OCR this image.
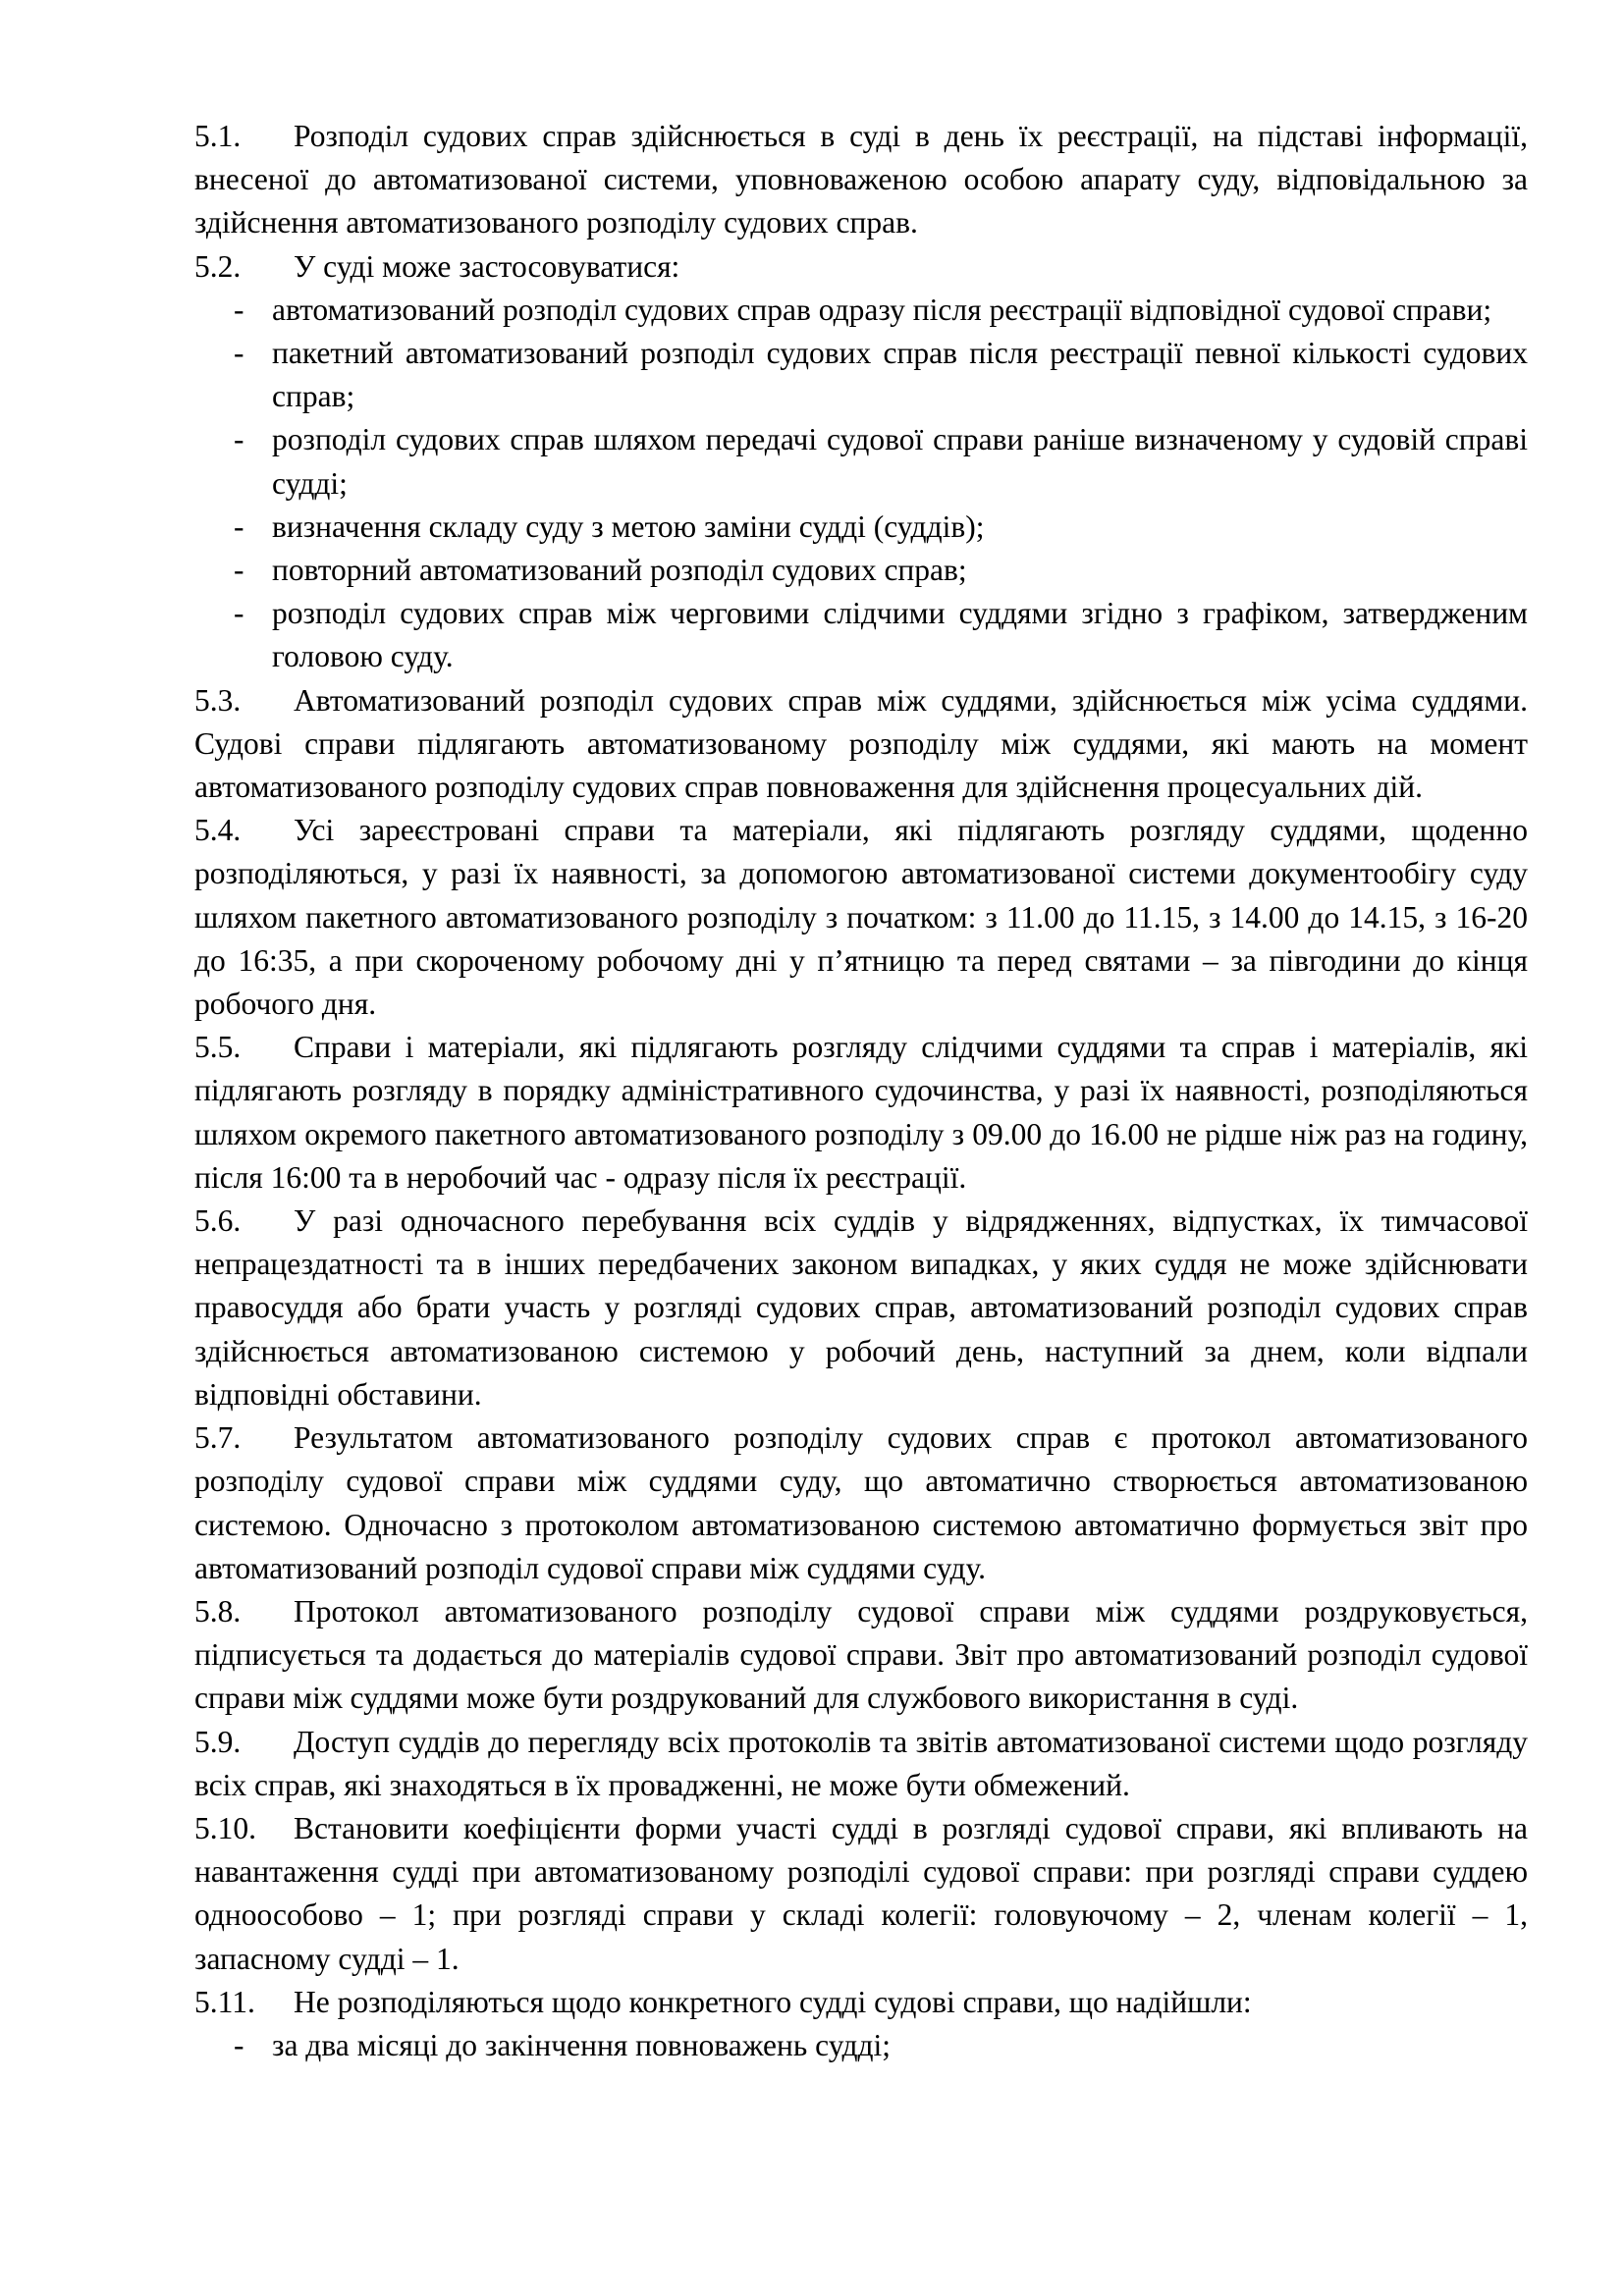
5.1. Розподіл судових справ здійснюється в суді в день їх реєстрації, на підставі інформації, внесеної до автоматизованої системи, уповноваженою особою апарату суду, відповідальною за здійснення автоматизованого розподілу судових справ.

5.2. У суді може застосовуватися:

- автоматизований розподіл судових справ одразу після реєстрації відповідної судової справи;
- пакетний автоматизований розподіл судових справ після реєстрації певної кількості судових справ;
- розподіл судових справ шляхом передачі судової справи раніше визначеному у судовій справі судді;
- визначення складу суду з метою заміни судді (суддів);
- повторний автоматизований розподіл судових справ;
- розподіл судових справ між черговими слідчими суддями згідно з графіком, затвердженим головою суду.

5.3. Автоматизований розподіл судових справ між суддями, здійснюється між усіма суддями. Судові справи підлягають автоматизованому розподілу між суддями, які мають на момент автоматизованого розподілу судових справ повноваження для здійснення процесуальних дій.

5.4. Усі зареєстровані справи та матеріали, які підлягають розгляду суддями, щоденно розподіляються, у разі їх наявності, за допомогою автоматизованої системи документообігу суду шляхом пакетного автоматизованого розподілу з початком: з 11.00 до 11.15, з 14.00 до 14.15, з 16-20 до 16:35, а при скороченому робочому дні у п’ятницю та перед святами – за півгодини до кінця робочого дня.

5.5. Справи і матеріали, які підлягають розгляду слідчими суддями та справ і матеріалів, які підлягають розгляду в порядку адміністративного судочинства, у разі їх наявності, розподіляються шляхом окремого пакетного автоматизованого розподілу з 09.00 до 16.00 не рідше ніж раз на годину, після 16:00 та в неробочий час - одразу після їх реєстрації.

5.6. У разі одночасного перебування всіх суддів у відрядженнях, відпустках, їх тимчасової непрацездатності та в інших передбачених законом випадках, у яких суддя не може здійснювати правосуддя або брати участь у розгляді судових справ, автоматизований розподіл судових справ здійснюється автоматизованою системою у робочий день, наступний за днем, коли відпали відповідні обставини.

5.7. Результатом автоматизованого розподілу судових справ є протокол автоматизованого розподілу судової справи між суддями суду, що автоматично створюється автоматизованою системою. Одночасно з протоколом автоматизованою системою автоматично формується звіт про автоматизований розподіл судової справи між суддями суду.

5.8. Протокол автоматизованого розподілу судової справи між суддями роздруковується, підписується та додається до матеріалів судової справи. Звіт про автоматизований розподіл судової справи між суддями може бути роздрукований для службового використання в суді.

5.9. Доступ суддів до перегляду всіх протоколів та звітів автоматизованої системи щодо розгляду всіх справ, які знаходяться в їх провадженні, не може бути обмежений.

5.10. Встановити коефіцієнти форми участі судді в розгляді судової справи, які впливають на навантаження судді при автоматизованому розподілі судової справи: при розгляді справи суддею одноособово – 1; при розгляді справи у складі колегії: головуючому – 2, членам колегії – 1, запасному судді – 1.

5.11. Не розподіляються щодо конкретного судді судові справи, що надійшли:

- за два місяці до закінчення повноважень судді;
